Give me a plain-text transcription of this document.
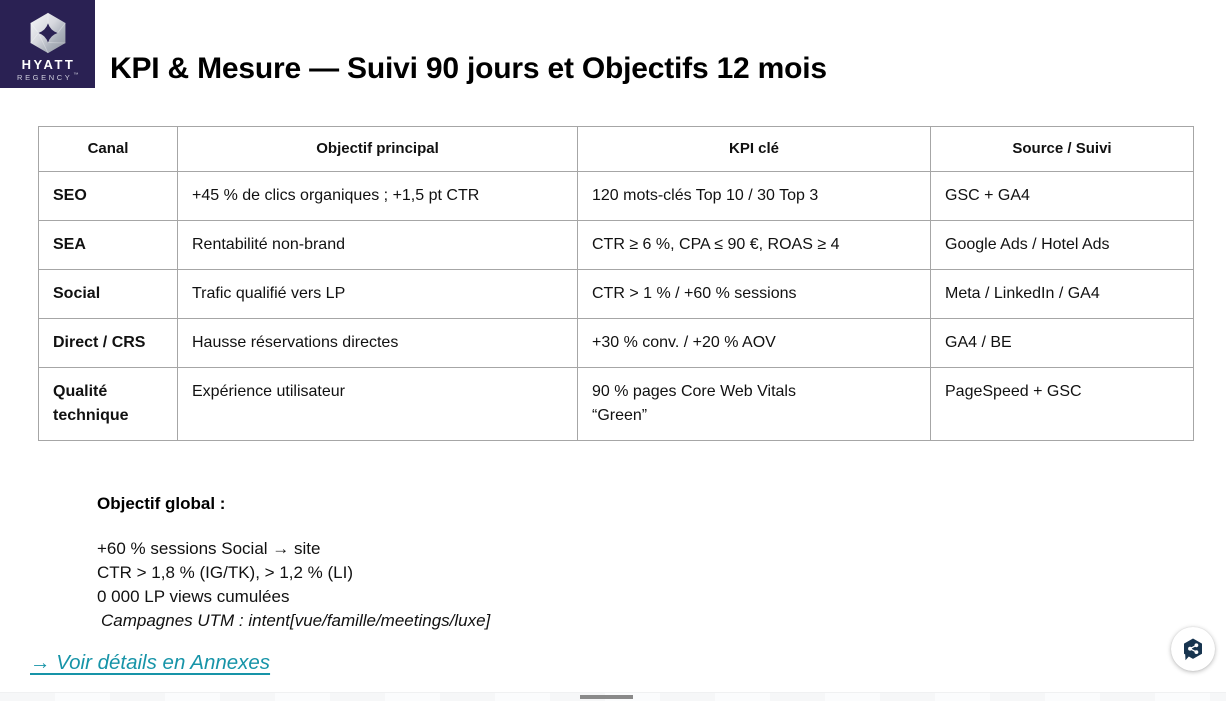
HYATT
REGENCY ™ KPI & Mesure — Suivi 90 jours et Objectifs 12 mois
Canal	Objectif principal	KPI clé	Source / Suivi
SEO	+45 % de clics organiques ; +1,5 pt CTR	120 mots-clés Top 10 / 30 Top 3	GSC + GA4
SEA	Rentabilité non-brand	CTR ≥ 6 %, CPA ≤ 90 €, ROAS ≥ 4	Google Ads / Hotel Ads
Social	Trafic qualifié vers LP	CTR > 1 % / +60 % sessions	Meta / LinkedIn / GA4
Direct / CRS	Hausse réservations directes	+30 % conv. / +20 % AOV	GA4 / BE
Qualité technique	Expérience utilisateur	90 % pages Core Web Vitals “Green”	PageSpeed + GSC
Objectif global :
+60 % sessions Social → site
CTR > 1,8 % (IG/TK), > 1,2 % (LI)
0 000 LP views cumulées
Campagnes UTM : intent[vue/famille/meetings/luxe]
→ Voir détails en Annexes
